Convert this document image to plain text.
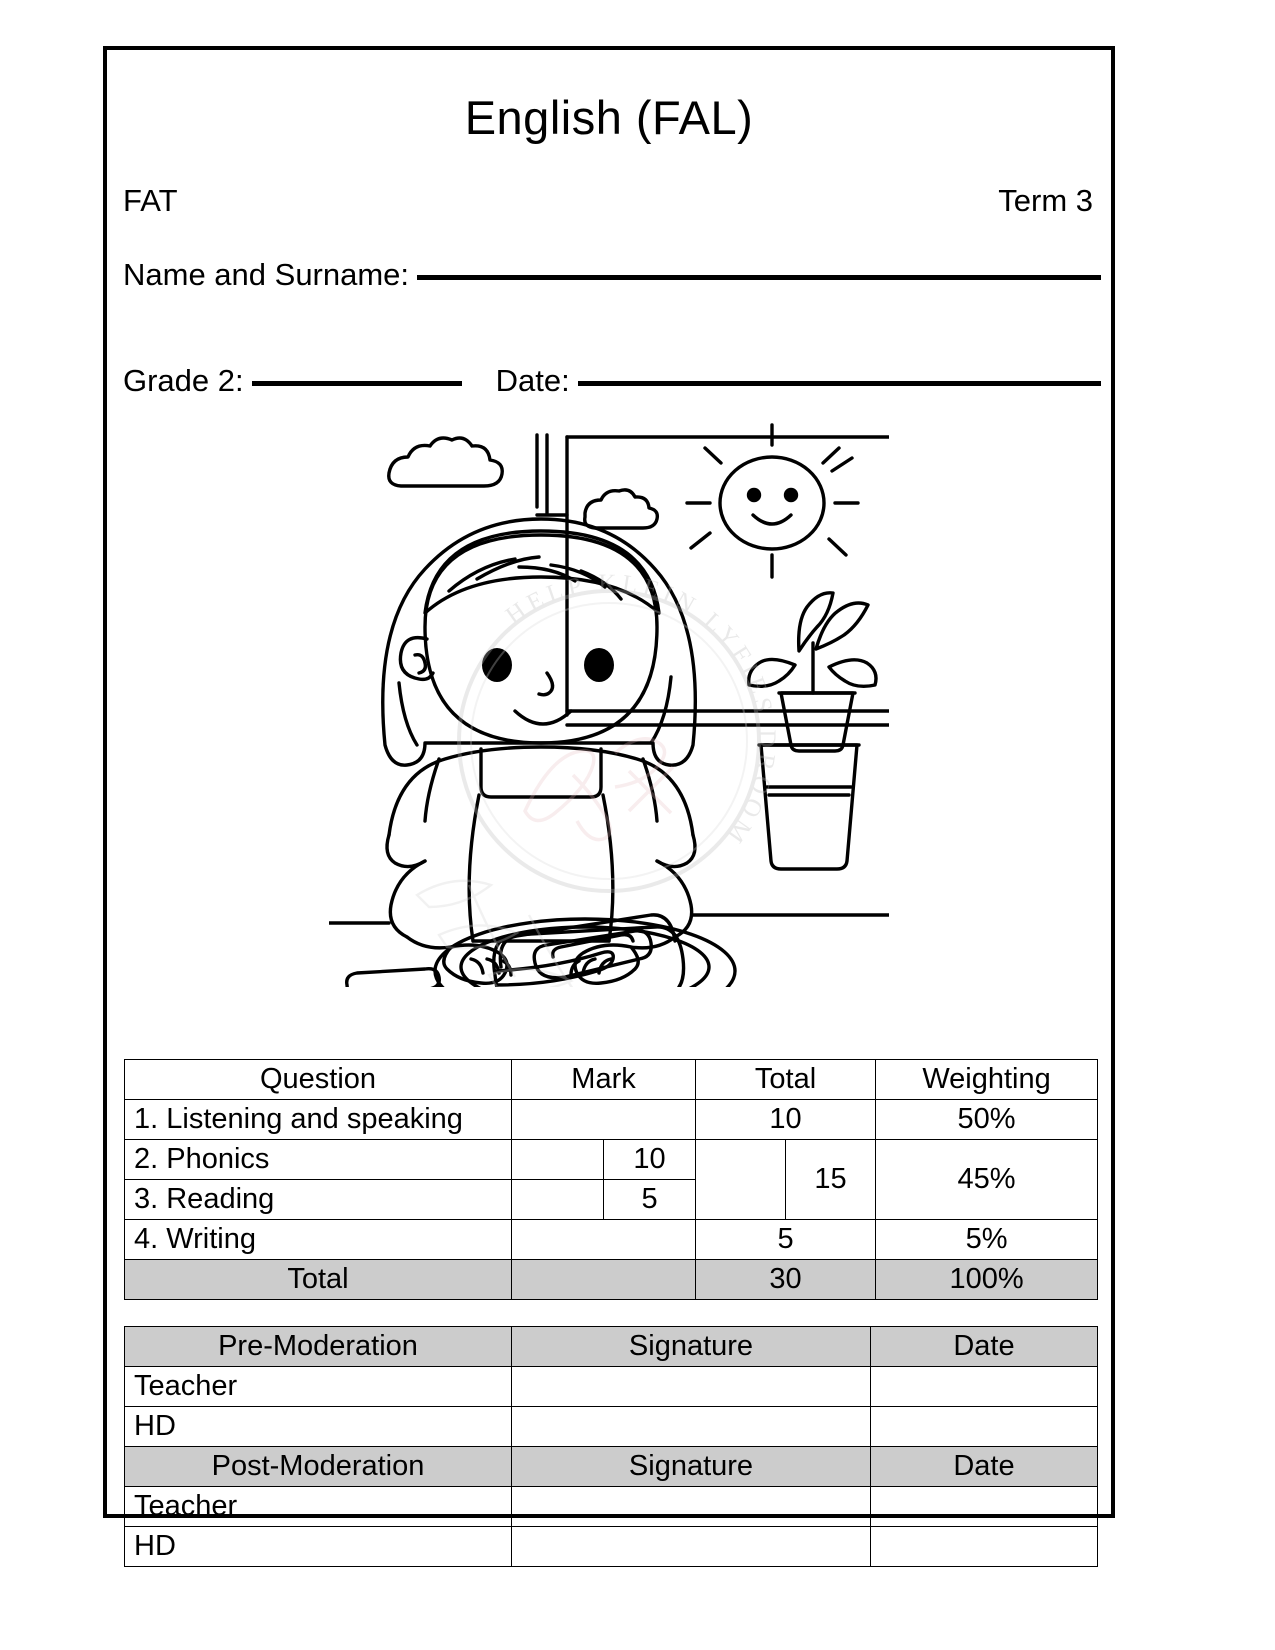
English (FAL)
FAT	Term 3
Name and Surname:
Grade 2:	Date:
HELP KLEIN LYFIES DROOM
Question	Mark		Total		Weighting
1. Listening and speaking			10		50%
2. Phonics		10		15	45%
3. Reading		5			
4. Writing			5		5%
Total			30		100%
Pre-Moderation	Signature	Date
Teacher		
HD		
Post-Moderation	Signature	Date
Teacher		
HD		
